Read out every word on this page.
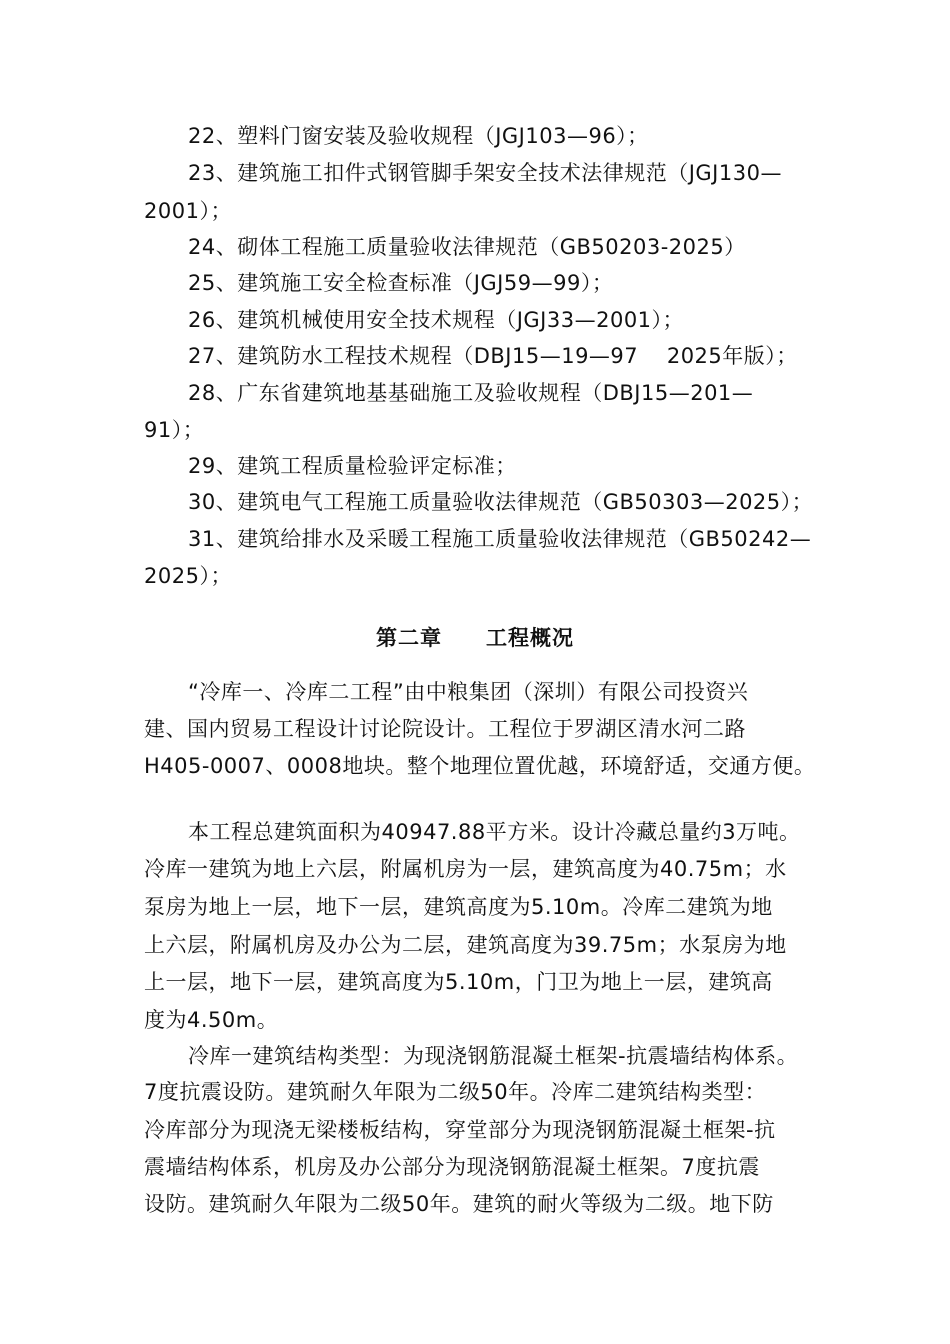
22、塑料门窗安装及验收规程（JGJ103—96）；
23、建筑施工扣件式钢管脚手架安全技术法律规范（JGJ130—
2001）；
24、砌体工程施工质量验收法律规范（GB50203-2025）
25、建筑施工安全检查标准（JGJ59—99）；
26、建筑机械使用安全技术规程（JGJ33—2001）；
27、建筑防水工程技术规程（DBJ15—19—97　 2025年版）；
28、广东省建筑地基基础施工及验收规程（DBJ15—201—
91）；
29、建筑工程质量检验评定标准；
30、建筑电气工程施工质量验收法律规范（GB50303—2025）；
31、建筑给排水及采暖工程施工质量验收法律规范（GB50242—
2025）；
第二章　　工程概况
“冷库一、冷库二工程”由中粮集团（深圳）有限公司投资兴
建、国内贸易工程设计讨论院设计。工程位于罗湖区清水河二路
H405-0007、0008地块。整个地理位置优越，环境舒适，交通方便。
本工程总建筑面积为40947.88平方米。设计冷藏总量约3万吨。
冷库一建筑为地上六层，附属机房为一层，建筑高度为40.75m；水
泵房为地上一层，地下一层，建筑高度为5.10m。冷库二建筑为地
上六层，附属机房及办公为二层，建筑高度为39.75m；水泵房为地
上一层，地下一层，建筑高度为5.10m，门卫为地上一层，建筑高
度为4.50m。
冷库一建筑结构类型：为现浇钢筋混凝土框架-抗震墙结构体系。
7度抗震设防。建筑耐久年限为二级50年。冷库二建筑结构类型：
冷库部分为现浇无梁楼板结构，穿堂部分为现浇钢筋混凝土框架-抗
震墙结构体系，机房及办公部分为现浇钢筋混凝土框架。7度抗震
设防。建筑耐久年限为二级50年。建筑的耐火等级为二级。地下防
